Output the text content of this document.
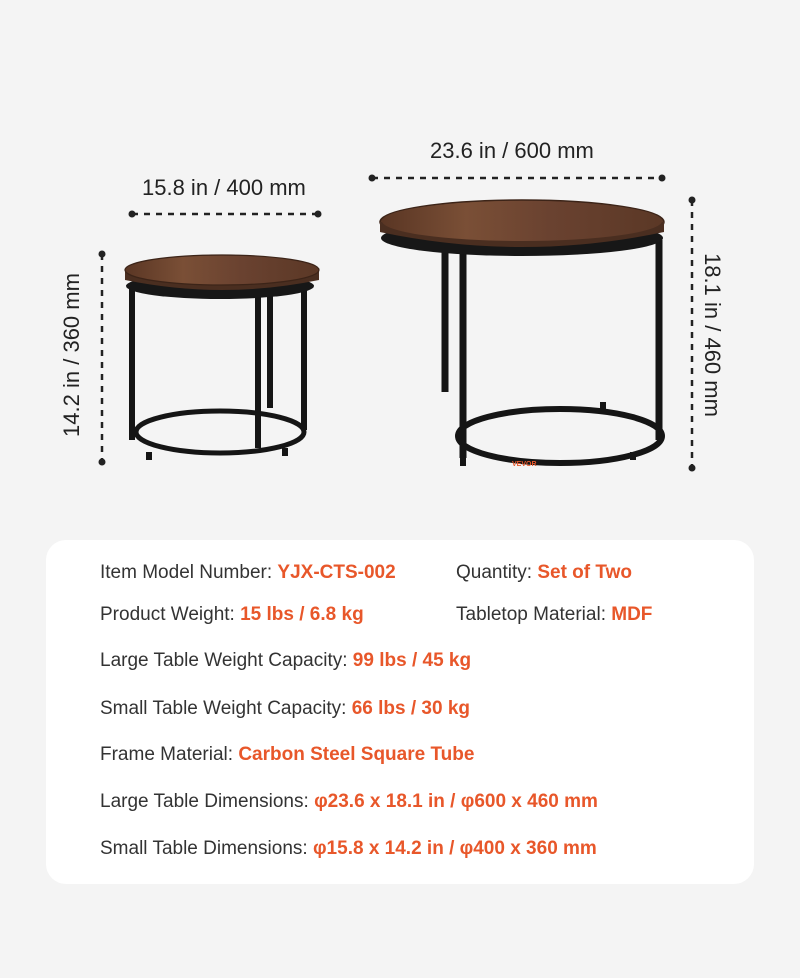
15.8 in / 400 mm
23.6 in / 600 mm
14.2 in / 360 mm	18.1 in / 460 mm
VEVOR
Item Model Number: YJX-CTS-002	Quantity: Set of Two
Product Weight: 15 lbs / 6.8 kg	Tabletop Material: MDF
Large Table Weight Capacity: 99 lbs / 45 kg
Small Table Weight Capacity: 66 lbs / 30 kg
Frame Material: Carbon Steel Square Tube
Large Table Dimensions: φ23.6 x 18.1 in / φ600 x 460 mm
Small Table Dimensions: φ15.8 x 14.2 in / φ400 x 360 mm
